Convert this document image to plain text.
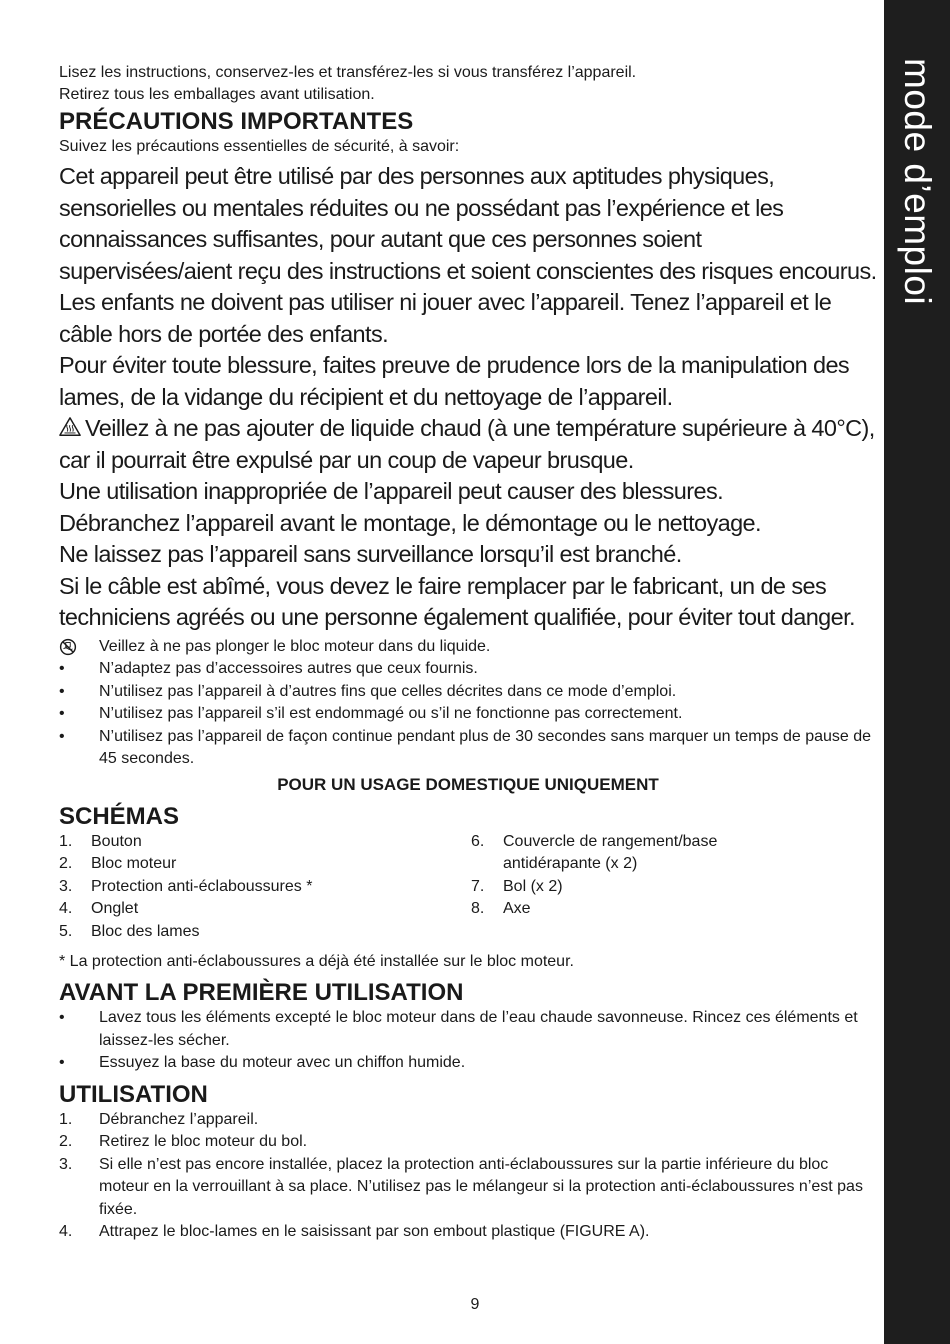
mode d’emploi

Lisez les instructions, conservez-les et transférez-les si vous transférez l’appareil.

Retirez tous les emballages avant utilisation.

PRÉCAUTIONS IMPORTANTES

Suivez les précautions essentielles de sécurité, à savoir:

Cet appareil peut être utilisé par des personnes aux aptitudes physiques, sensorielles ou mentales réduites ou ne possédant pas l’expérience et les connaissances suffisantes, pour autant que ces personnes soient supervisées/aient reçu des instructions et soient conscientes des risques encourus. Les enfants ne doivent pas utiliser ni jouer avec l’appareil. Tenez l’appareil et le câble hors de portée des enfants.

Pour éviter toute blessure, faites preuve de prudence lors de la manipulation des lames, de la vidange du récipient et du nettoyage de l’appareil.

Veillez à ne pas ajouter de liquide chaud (à une température supérieure à 40°C), car il pourrait être expulsé par un coup de vapeur brusque.

Une utilisation inappropriée de l’appareil peut causer des blessures.

Débranchez l’appareil avant le montage, le démontage ou le nettoyage.

Ne laissez pas l’appareil sans surveillance lorsqu’il est branché.

Si le câble est abîmé, vous devez le faire remplacer par le fabricant, un de ses techniciens agréés ou une personne également qualifiée, pour éviter tout danger.

Veillez à ne pas plonger le bloc moteur dans du liquide.
•	N’adaptez pas d’accessoires autres que ceux fournis.
•	N’utilisez pas l’appareil à d’autres fins que celles décrites dans ce mode d’emploi.
•	N’utilisez pas l’appareil s’il est endommagé ou s’il ne fonctionne pas correctement.
•	N’utilisez pas l’appareil de façon continue pendant plus de 30 secondes sans marquer un temps de pause de 45 secondes.

POUR UN USAGE DOMESTIQUE UNIQUEMENT

SCHÉMAS
1. Bouton
2. Bloc moteur
3. Protection anti-éclaboussures *
4. Onglet
5. Bloc des lames
6. Couvercle de rangement/base antidérapante (x 2)
7. Bol (x 2)
8. Axe

* La protection anti-éclaboussures a déjà été installée sur le bloc moteur.

AVANT LA PREMIÈRE UTILISATION
•	Lavez tous les éléments excepté le bloc moteur dans de l’eau chaude savonneuse. Rincez ces éléments et laissez-les sécher.
•	Essuyez la base du moteur avec un chiffon humide.
UTILISATION
1. Débranchez l’appareil.
2. Retirez le bloc moteur du bol.
3. Si elle n’est pas encore installée, placez la protection anti-éclaboussures sur la partie inférieure du bloc moteur en la verrouillant à sa place. N’utilisez pas le mélangeur si la protection anti-éclaboussures n’est pas fixée.
4. Attrapez le bloc-lames en le saisissant par son embout plastique (FIGURE A).
9
